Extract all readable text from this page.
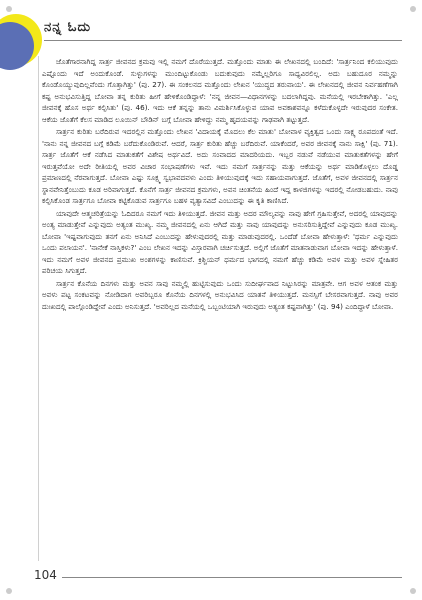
ನನ್ನ ಓದು

ಜೊತೆಗಾರನಾಗಿದ್ದ ಸಾರ್ತ್ರ ಜೀವನದ ಕ್ರಮವು ಇಲ್ಲಿ ನಮಗೆ ದೊರೆಯುತ್ತದೆ. ಮತ್ತೊಂದು ಮಾತು ಈ ಲೇಖನದಲ್ಲಿ ಬಂದಿದೆ: 'ಸಾರ್ತ್ರನಿಂದ ಕಲಿಯುವುದು ಎಷ್ಟೊಂದು ಇದೆ ಅಂದುಕೊಂಡೆ. ಸುಳ್ಳುಗಳನ್ನು ಮುಂದಿಟ್ಟುಕೊಂಡು ಬದುಕುವುದು ನಮ್ಮೆಲ್ಲರಿಗೂ ಸಾಧ್ಯವಿರಲಿಲ್ಲ. ಅದು ಬಹುದೂರ ನಮ್ಮನ್ನು ಕೊಂಡೊಯ್ಯುವುದಿಲ್ಲವೆಂದು ಗೊತ್ತಾಗಿತ್ತು' (ಪು. 27). ಈ ಸಂಕಲನದ ಮತ್ತೊಂದು ಲೇಖನ 'ಯುದ್ಧದ ತರುವಾಯ'. ಈ ಲೇಖನದಲ್ಲಿ ಜೀವನ ನಿರ್ವಹಣೆಗಾಗಿ ಕಷ್ಟ ಅನುಭವಿಸುತ್ತಿದ್ದ ಬೋವಾ ತನ್ನ ಕುರಿತು ಹೀಗೆ ಹೇಳಿಕೊಂಡಿದ್ದಾಳೆ: 'ನನ್ನ ಜೀವನ—ವಿಧಾನಗಳನ್ನು ಬದಲಾಗಿದ್ದವು. ಮನೆಯಲ್ಲಿ ಇರಬೇಕಾಗಿತ್ತು. 'ಎಲ್ಲ ಜೀವನಕ್ಕೆ ಹೊಸ ಅರ್ಥ ಕಲ್ಪಿಸಿತು' (ಪು. 46). ಇದು ಆಕೆ ತನ್ನನ್ನು ತಾನು ವಿಮರ್ಶಿಸಿಕೊಳ್ಳುವ ಯಾವ ಅವಕಾಶವನ್ನೂ ಕಳೆದುಕೊಳ್ಳದೇ ಇರುವುದರ ಸಂಕೇತ. ಆಕೆಯ ಜೊತೆಗೆ ಕೆಲಸ ಮಾಡಿದ ಲೂಯಿನ್ ಬೌಡಿನ್ ಬಗ್ಗೆ ಬೋವಾ ಹೇಳಿದ್ದು ನಮ್ಮ ಹೃದಯವನ್ನು ಗಾಢವಾಗಿ ತಟ್ಟುತ್ತದೆ.

ಸಾರ್ತ್ರನ ಕುರಿತು ಬರೆದಿರುವ ಇದರಲ್ಲಿನ ಮತ್ತೊಂದು ಲೇಖನ 'ವಿದಾಯಕ್ಕೆ ಮೊದಲು ಕೆಲ ಮಾತು' ಬೋವಾಳ ವ್ಯಕ್ತಿತ್ವದ ಒಂದು ಸಾಕ್ಷ್ಯ ರೂಪದಂತೆ ಇದೆ. 'ನಾನು ನನ್ನ ಜೀವನದ ಬಗ್ಗೆ ಕಡಿಮೆ ಬರೆದುಕೊಂಡಿರುವೆ. ಆದರೆ, ಸಾರ್ತ್ರ ಕುರಿತು ಹೆಚ್ಚು ಬರೆದಿರುವೆ. ಯಾಕೆಂದರೆ, ಅವರ ಜೀವನಕ್ಕೆ ನಾನು ಸಾಕ್ಷಿ' (ಪು. 71). ಸಾರ್ತ್ರ ಜೊತೆಗೆ ಆಕೆ ನಡೆಸಿದ ಮಾತುಕತೆಗೆ ವಿಶೇಷ ಅರ್ಥವಿದೆ. ಅದು ಸಂವಾದದ ಮಾದರಿಯದು. ಇಬ್ಬರ ನಡುವೆ ನಡೆಯುವ ಮಾತುಕತೆಗಳನ್ನು ಹೇಗೆ ಇರುತ್ತವೆಯೋ ಅದೇ ರೀತಿಯಲ್ಲಿ ಅವರ ವಿಚಾರ ಸಂಭಾಷಣೆಗಳು ಇವೆ. ಇದು ನಮಗೆ ಸಾರ್ತ್ರನನ್ನು ಮತ್ತು ಆಕೆಯನ್ನು ಅರ್ಥ ಮಾಡಿಕೊಳ್ಳಲು ದೊಡ್ಡ ಪ್ರಮಾಣದಲ್ಲಿ ನೆರವಾಗುತ್ತದೆ. ಬೋವಾ ಎಷ್ಟು ಸೂಕ್ಷ್ಮ ಸ್ವಭಾವದವಳು ಎಂದು ತಿಳಿಯುವುದಕ್ಕೆ ಇದು ಸಹಾಯವಾಗುತ್ತದೆ. ಜೊತೆಗೆ, ಅವಳ ಜೀವನದಲ್ಲಿ ಸಾರ್ತ್ರನ ಸ್ಥಾನವೇನಿತ್ತೆಂಬುದು ಕೂಡ ಅರಿವಾಗುತ್ತದೆ. ಕೊನೆಗೆ ಸಾರ್ತ್ರ ಜೀವನದ ಕ್ರಮಗಳು, ಅವನ ಚಿಂತನೆಯ ಹಿಂದೆ ಇದ್ದ ಕಾಳಜಿಗಳನ್ನು ಇದರಲ್ಲಿ ನೋಡಬಹುದು. ನಾವು ಕಲ್ಪಿಸಿಕೊಂಡ ಸಾರ್ತ್ರಗೂ ಬೋವಾ ಕಟ್ಟಿಕೊಡುವ ಸಾರ್ತ್ರಗೂ ಬಹಳ ವ್ಯತ್ಯಾಸವಿದೆ ಎಂಬುದನ್ನು ಈ ಕೃತಿ ಕಾಣಿಸಿದೆ.

ಯಾವುದೇ ಆತ್ಮಚರಿತ್ರೆಯನ್ನು ಓದಿದರೂ ನಮಗೆ ಇದು ತಿಳಿಯುತ್ತದೆ. ಜೀವನ ಮತ್ತು ಅದರ ಮೌಲ್ಯವನ್ನು ನಾವು ಹೇಗೆ ಗ್ರಹಿಸುತ್ತೇವೆ, ಅದರಲ್ಲಿ ಯಾವುದನ್ನು ಅಂತ್ಯ ಮಾಡುತ್ತೇವೆ ಎನ್ನುವುದು ಅತ್ಯಂತ ಮುಖ್ಯ. ನಮ್ಮ ಜೀವನದಲ್ಲಿ ಏನು ಆಗಿದೆ ಮತ್ತು ನಾವು ಯಾವುದನ್ನು ಅನುಸರಿಸುತ್ತಿದ್ದೇವೆ ಎನ್ನುವುದು ಕೂಡ ಮುಖ್ಯ. ಬೋವಾ 'ಇಷ್ಟವಾಗುವುದು ತನಗೆ ಏನು ಅನಿಸಿದೆ ಎಂಬುದನ್ನು ಹೇಳುವುದರಲ್ಲಿ ಮತ್ತು ಮಾಡುವುದರಲ್ಲಿ. ಒಂದೆಡೆ ಬೋವಾ ಹೇಳುತ್ತಾಳೆ: 'ಧರ್ಮ ಎನ್ನುವುದು ಒಂದು ಪಲಾಯನ'. 'ನಾನೇಕೆ ನಾಸ್ತಿಕಳು?' ಎಂಬ ಲೇಖನ ಇದನ್ನು ವಿಸ್ತಾರವಾಗಿ ಚರ್ಚಿಸುತ್ತದೆ. ಅಲ್ಲಿಗೆ ಜೊತೆಗೆ ಮಾತನಾಡುವಾಗ ಬೋವಾ ಇದನ್ನು ಹೇಳುತ್ತಾಳೆ. ಇದು ನಮಗೆ ಅವಳ ಜೀವನದ ಪ್ರಮುಖ ಅಂಶಗಳನ್ನು ಕಾಣಿಸುವೆ. ಕ್ರಿಶ್ಚಿಯನ್ ಧರ್ಮದ ಭಾಗದಲ್ಲಿ ನಮಗೆ ಹೆಚ್ಚು ಕಡಿಮೆ ಅವಳ ಮತ್ತು ಅವಳ ಸ್ನೇಹಿತರ ಪರಿಚಯ ಸಿಗುತ್ತದೆ.

ಸಾರ್ತ್ರನ ಕೊನೆಯ ದಿನಗಳು ಮತ್ತು ಅವನ ಸಾವು ನಮ್ಮಲ್ಲಿ ಹುಟ್ಟಿಸುವುದು ಒಂದು ಸುದೀರ್ಘವಾದ ನಿಟ್ಟುಸಿರನ್ನು ಮಾತ್ರವೇ. ಆಗ ಅವಳ ಆತಂಕ ಮತ್ತು ಅವಳು ಪಟ್ಟ ಸಂಕಟವನ್ನು ನೋಡಿದಾಗ ಅವರಿಬ್ಬರೂ ಕೊನೆಯ ದಿನಗಳಲ್ಲಿ ಅನುಭವಿಸಿದ ಯಾತನೆ ತಿಳಿಯುತ್ತದೆ. ಮನಸ್ಸಿಗೆ ಬೇಸರವಾಗುತ್ತದೆ. ನಾವು ಅವರ ದುಃಖದಲ್ಲಿ ಪಾಲ್ಗೊಂಡಿದ್ದೇವೆ ಎಂದು ಅನಿಸುತ್ತದೆ. 'ಅವರಿಲ್ಲದ ಮನೆಯಲ್ಲಿ ಒಬ್ಬಂಟಿಯಾಗಿ ಇರುವುದು ಅತ್ಯಂತ ಕಷ್ಟವಾಗಿತ್ತು' (ಪು. 94) ಎಂದಿದ್ದಾಳೆ ಬೋವಾ.

104
